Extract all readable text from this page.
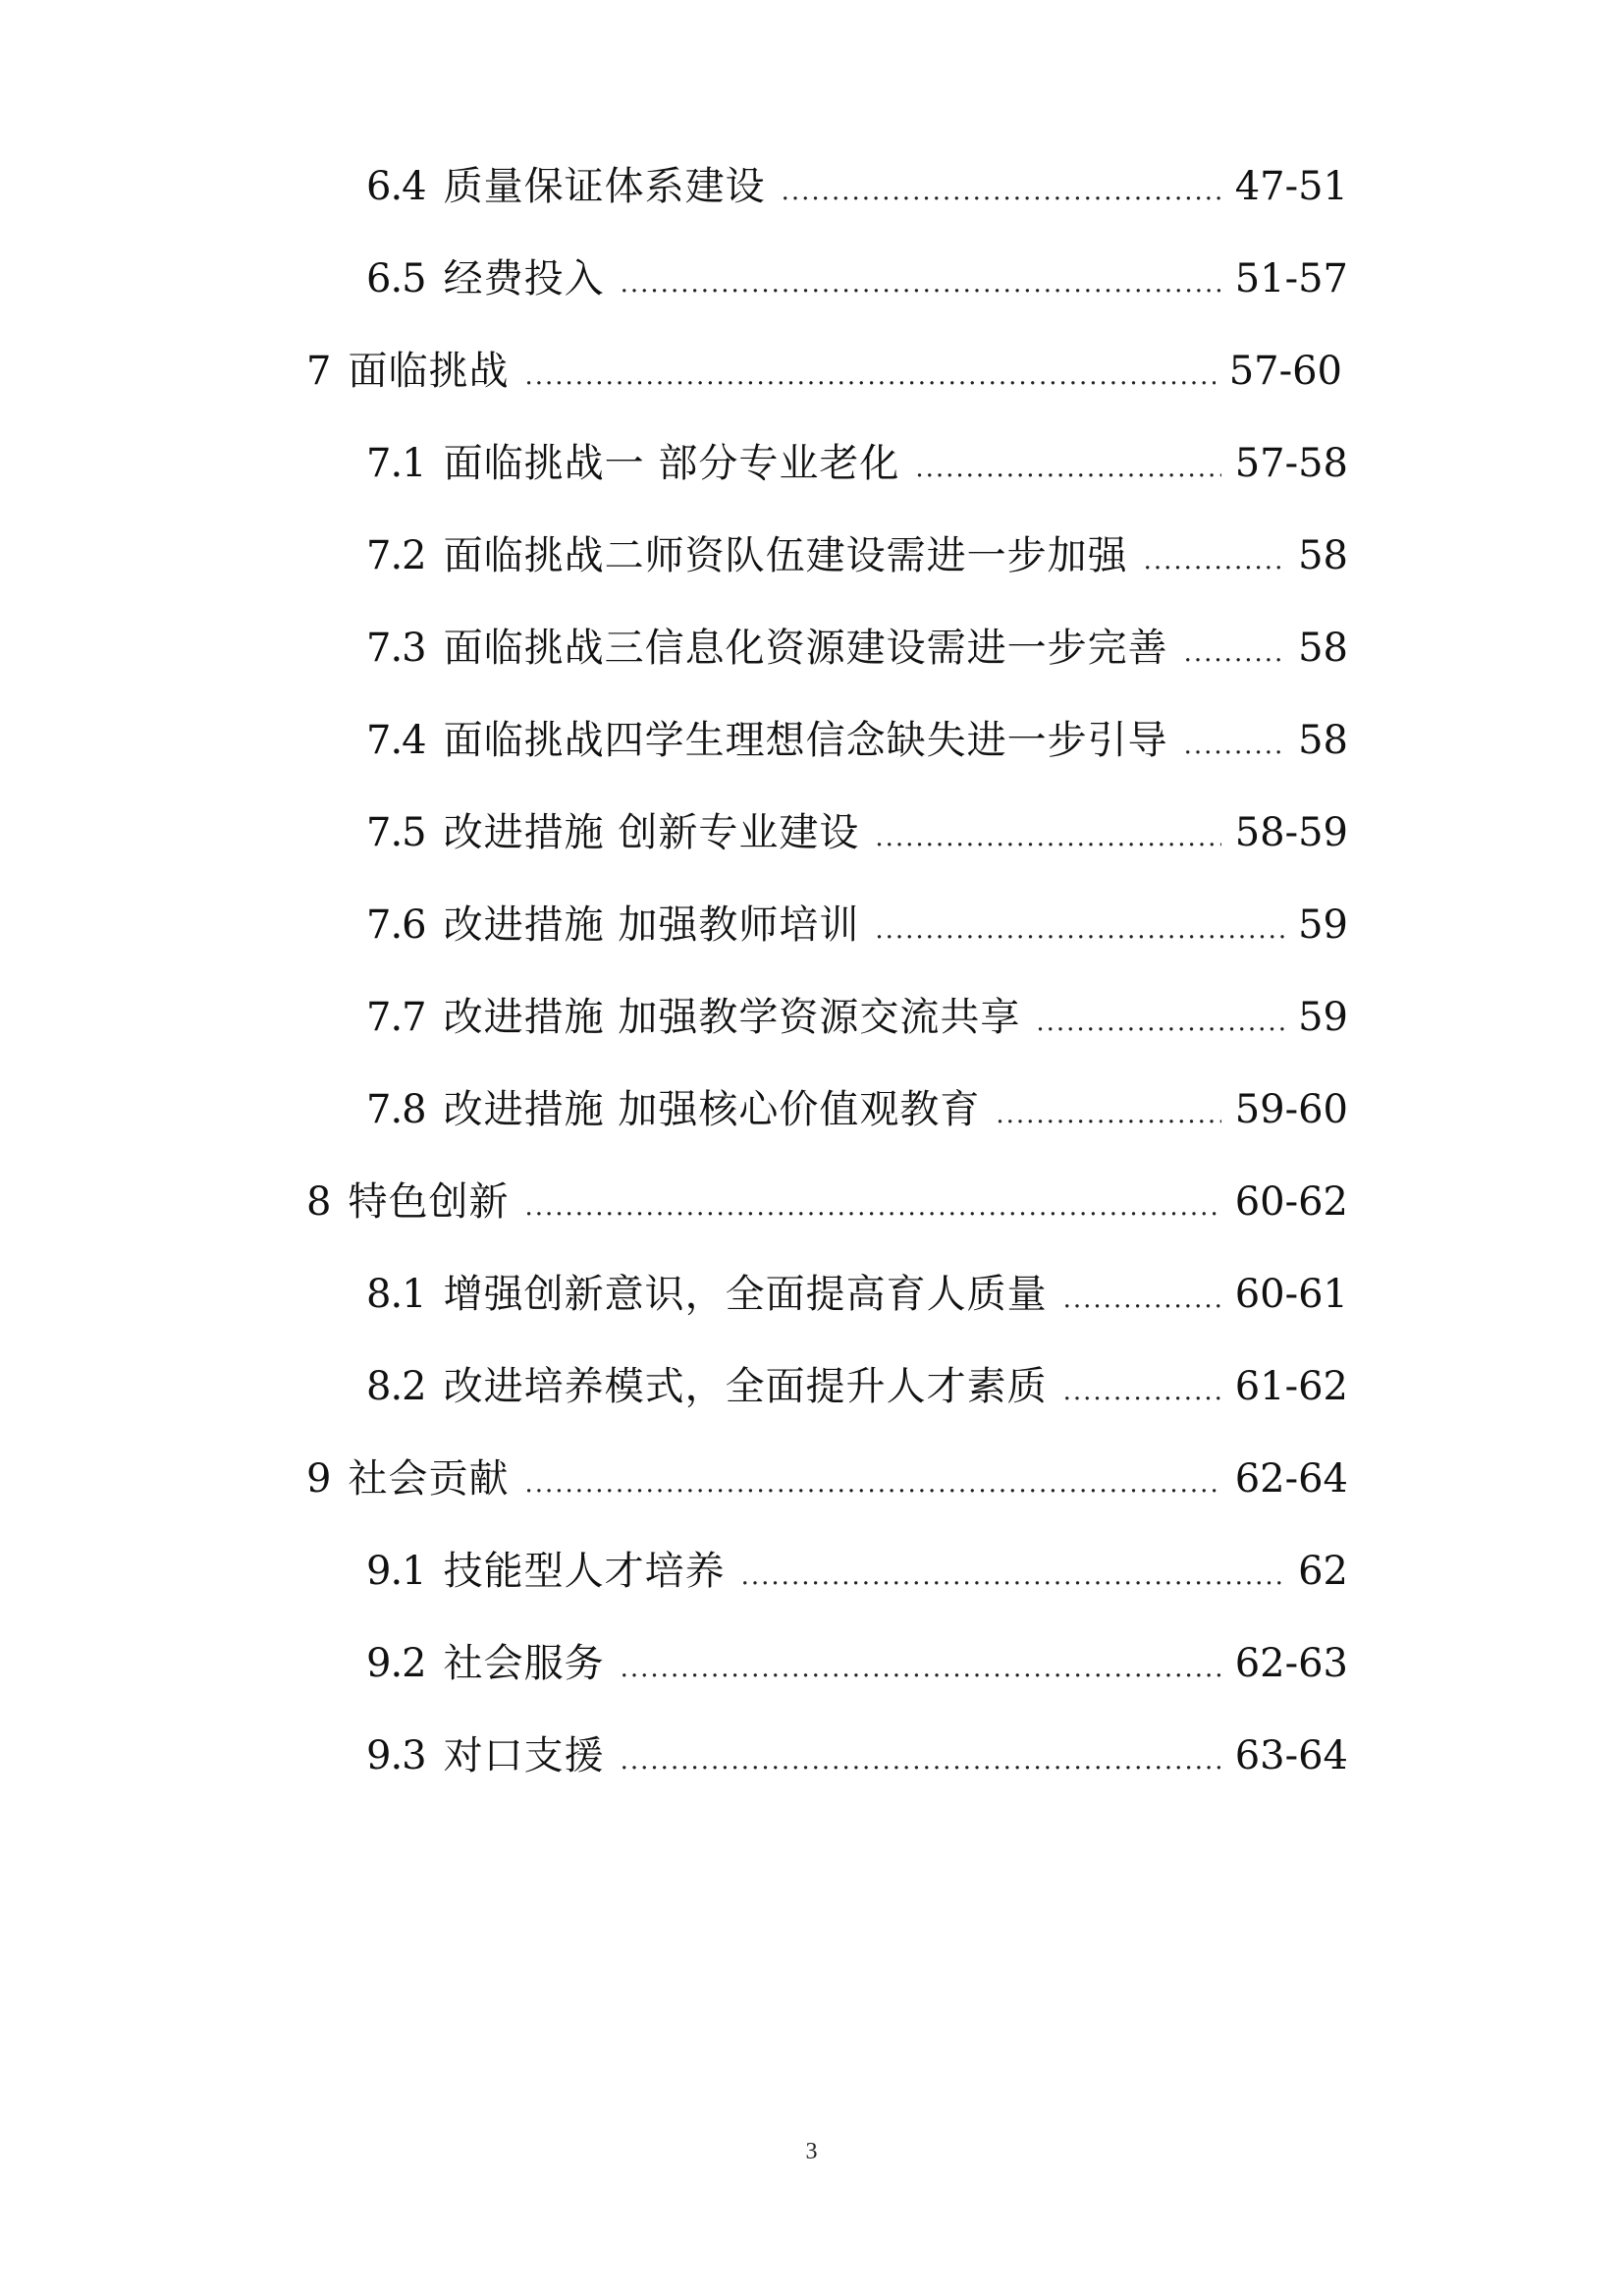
6.4 质量保证体系建设 .....	47-51
6.5 经费投入 .....	51-57
7 面临挑战 .....	57-60
7.1 面临挑战一 部分专业老化 .....	57-58
7.2 面临挑战二师资队伍建设需进一步加强 .....	58
7.3 面临挑战三信息化资源建设需进一步完善 .....	58
7.4 面临挑战四学生理想信念缺失进一步引导 .....	58
7.5 改进措施 创新专业建设 .....	58-59
7.6 改进措施 加强教师培训 .....	59
7.7 改进措施 加强教学资源交流共享 .....	59
7.8 改进措施 加强核心价值观教育 .....	59-60
8 特色创新 .....	60-62
8.1 增强创新意识，全面提高育人质量 .....	60-61
8.2 改进培养模式，全面提升人才素质 .....	61-62
9 社会贡献 .....	62-64
9.1 技能型人才培养 .....	62
9.2 社会服务 .....	62-63
9.3 对口支援 .....	63-64
3
